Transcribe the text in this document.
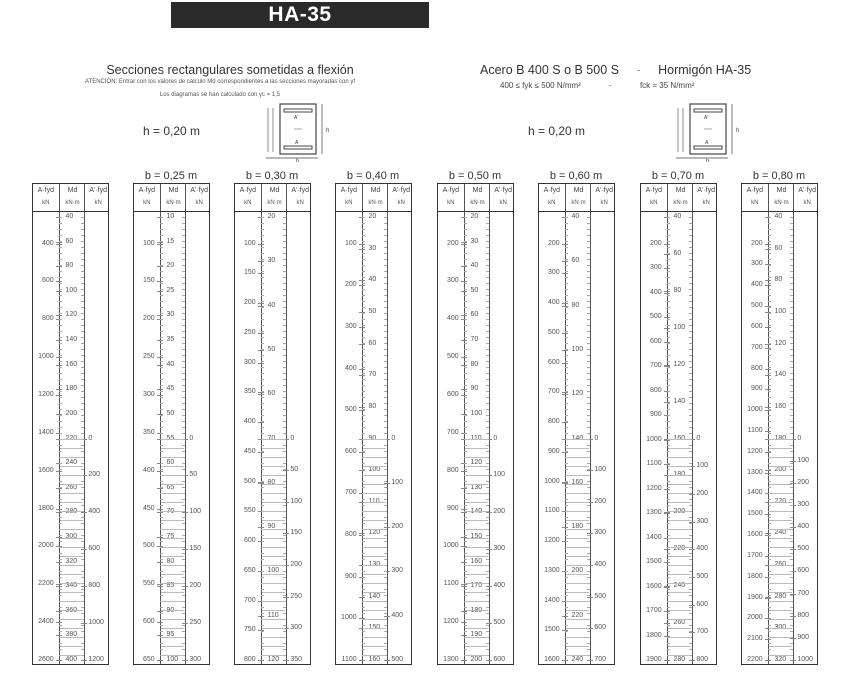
HA-35
Secciones rectangulares sometidas a flexión
ATENCIÓN: Entrar con los valores de cálculo Md correspondientes a las secciones mayoradas con γf
Los diagramas se han calculado con γc = 1,5
Acero B 400 S o B 500 S - Hormigón HA-35
400 ≤ fyk ≤ 500 N/mm²	-	fck = 35 N/mm²
h = 0,20 m	h = 0,20 m
A'
A
h
b
A'
A
h
b
A·fyd
kN
Md
kN·m
A'·fyd
kN
400
600
800
1000
1200
1400
1600
1800
2000
2200
2400
2600
40
60
80
100
120
140
160
180
200
220
240
260
280
300
320
340
360
380
400
0
200
400
600
800
1000
1200
b = 0,25 m
A·fyd
kN
Md
kN·m
A'·fyd
kN
100
150
200
250
300
350
400
450
500
550
600
650
10
15
20
25
30
35
40
45
50
55
60
65
70
75
80
85
90
95
100
0
50
100
150
200
250
300
b = 0,30 m
A·fyd
kN
Md
kN·m
A'·fyd
kN
100
150
200
250
300
350
400
450
500
550
600
650
700
750
800
20
30
40
50
60
70
80
90
100
110
120
0
50
100
150
200
250
300
350
b = 0,40 m
A·fyd
kN
Md
kN·m
A'·fyd
kN
100
200
300
400
500
600
700
800
900
1000
1100
20
30
40
50
60
70
80
90
100
110
120
130
140
150
160
0
100
200
300
400
500
b = 0,50 m
A·fyd
kN
Md
kN·m
A'·fyd
kN
200
300
400
500
600
700
800
900
1000
1100
1200
1300
20
30
40
50
60
70
80
90
100
110
120
130
140
150
160
170
180
190
200
0
100
200
300
400
500
600
b = 0,60 m
A·fyd
kN
Md
kN·m
A'·fyd
kN
200
300
400
500
600
700
800
900
1000
1100
1200
1300
1400
1500
1600
40
60
80
100
120
140
160
180
200
220
240
0
100
200
300
400
500
600
700
b = 0,70 m
A·fyd
kN
Md
kN·m
A'·fyd
kN
200
300
400
500
600
700
800
900
1000
1100
1200
1300
1400
1500
1600
1700
1800
1900
40
60
80
100
120
140
160
180
200
220
240
260
280
0
100
200
300
400
500
600
700
800
b = 0,80 m
A·fyd
kN
Md
kN·m
A'·fyd
kN
200
300
400
500
600
700
800
900
1000
1100
1200
1300
1400
1500
1600
1700
1800
1900
2000
2100
2200
40
60
80
100
120
140
160
180
200
220
240
260
280
300
320
0
100
200
300
400
500
600
700
800
900
1000
